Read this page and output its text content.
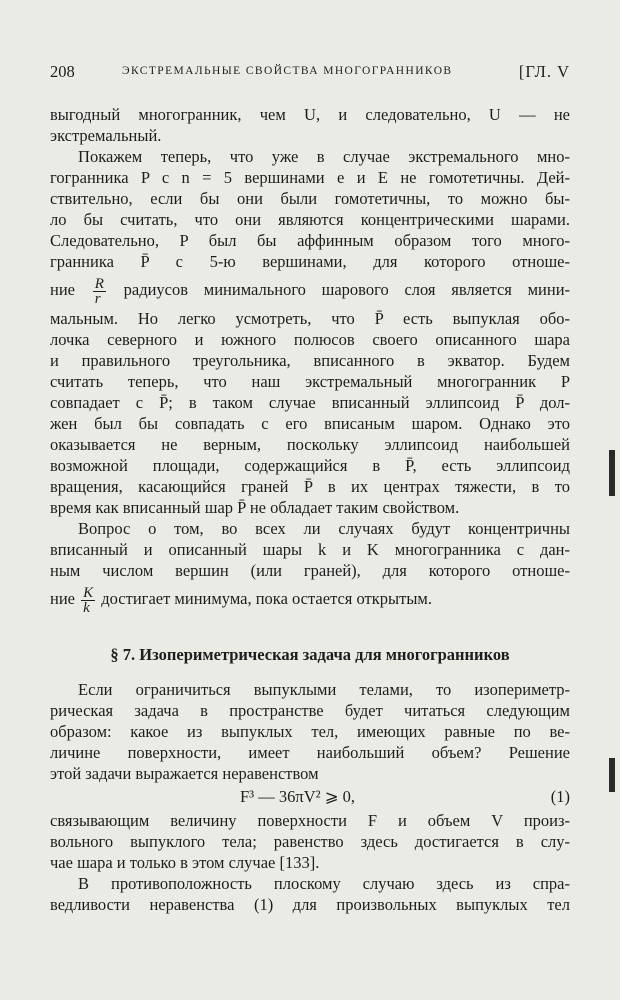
208	ЭКСТРЕМАЛЬНЫЕ СВОЙСТВА МНОГОГРАННИКОВ	[ГЛ. V
выгодный многогранник, чем U, и следовательно, U — не
экстремальный.
Покажем теперь, что уже в случае экстремального мно-
гогранника P с n = 5 вершинами e и E не гомотетичны. Дей-
ствительно, если бы они были гомотетичны, то можно бы-
ло бы считать, что они являются концентрическими шарами.
Следовательно, P был бы аффинным образом того много-
гранника P̄ с 5-ю вершинами, для которого отноше-
ние $\frac{R}{r}$ радиусов минимального шарового слоя является мини-
мальным. Но легко усмотреть, что P̄ есть выпуклая обо-
лочка северного и южного полюсов своего описанного шара
и правильного треугольника, вписанного в экватор. Будем
считать теперь, что наш экстремальный многогранник P
совпадает с P̄; в таком случае вписанный эллипсоид P̄ дол-
жен был бы совпадать с его вписаным шаром. Однако это
оказывается не верным, поскольку эллипсоид наибольшей
возможной площади, содержащийся в P̄, есть эллипсоид
вращения, касающийся граней P̄ в их центрах тяжести, в то
время как вписанный шар P̄ не обладает таким свойством.
Вопрос о том, во всех ли случаях будут концентричны
вписанный и описанный шары k и K многогранника с дан-
ным числом вершин (или граней), для которого отноше-
ние $\frac{K}{k}$ достигает минимума, пока остается открытым.
§ 7. Изопериметрическая задача для многогранников
Если ограничиться выпуклыми телами, то изопериметр-
рическая задача в пространстве будет читаться следующим
образом: какое из выпуклых тел, имеющих равные по ве-
личине поверхности, имеет наибольший объем? Решение
этой задачи выражается неравенством
F³ — 36πV² ⩾ 0,	(1)
связывающим величину поверхности F и объем V произ-
вольного выпуклого тела; равенство здесь достигается в слу-
чае шара и только в этом случае [133].
В противоположность плоскому случаю здесь из спра-
ведливости неравенства (1) для произвольных выпуклых тел
